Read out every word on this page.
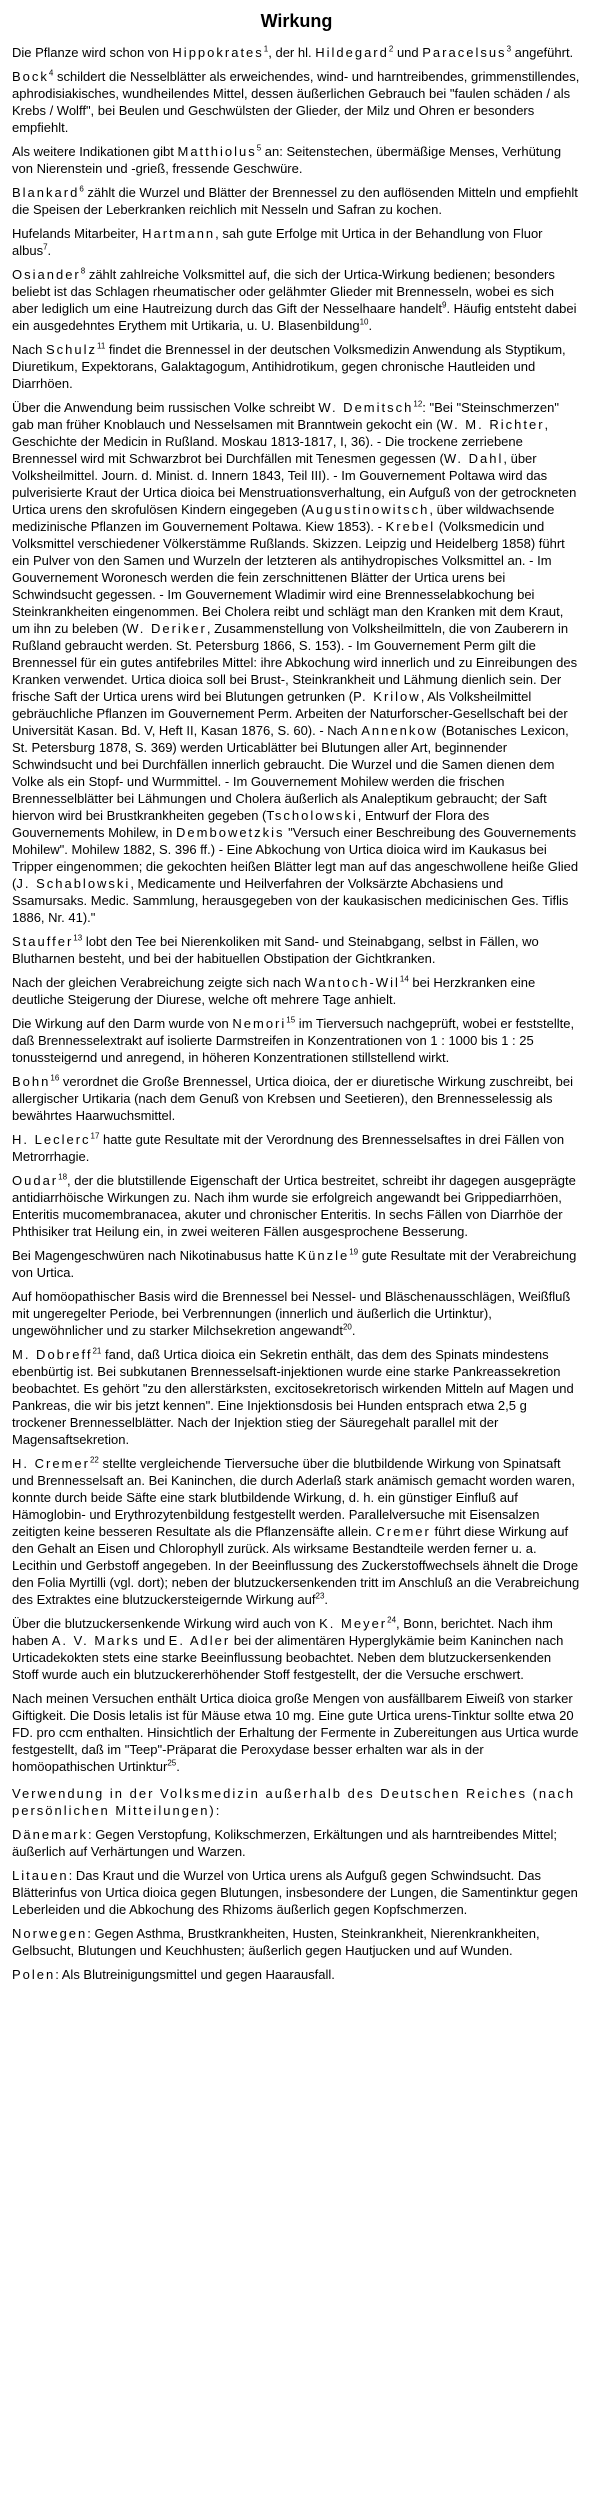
Wirkung

Die Pflanze wird schon von Hippokrates$^1$, der hl. Hildegard$^2$ und Paracelsus$^3$ angeführt.

Bock$^4$ schildert die Nesselblätter als erweichendes, wind- und harntreibendes, grimmenstillendes, aphrodisiakisches, wundheilendes Mittel, dessen äußerlichen Gebrauch bei "faulen schäden / als Krebs / Wolff", bei Beulen und Geschwülsten der Glieder, der Milz und Ohren er besonders empfiehlt.

Als weitere Indikationen gibt Matthiolus$^5$ an: Seitenstechen, übermäßige Menses, Verhütung von Nierenstein und -grieß, fressende Geschwüre.

Blankard$^6$ zählt die Wurzel und Blätter der Brennessel zu den auflösenden Mitteln und empfiehlt die Speisen der Leberkranken reichlich mit Nesseln und Safran zu kochen.

Hufelands Mitarbeiter, Hartmann, sah gute Erfolge mit Urtica in der Behandlung von Fluor albus$^7$.

Osiander$^8$ zählt zahlreiche Volksmittel auf, die sich der Urtica-Wirkung bedienen; besonders beliebt ist das Schlagen rheumatischer oder gelähmter Glieder mit Brennesseln, wobei es sich aber lediglich um eine Hautreizung durch das Gift der Nesselhaare handelt$^9$. Häufig entsteht dabei ein ausgedehntes Erythem mit Urtikaria, u. U. Blasenbildung$^{10}$.

Nach Schulz$^{11}$ findet die Brennessel in der deutschen Volksmedizin Anwendung als Styptikum, Diuretikum, Expektorans, Galaktagogum, Antihidrotikum, gegen chronische Hautleiden und Diarrhöen.

Über die Anwendung beim russischen Volke schreibt W. Demitsch$^{12}$: "Bei "Steinschmerzen" gab man früher Knoblauch und Nesselsamen mit Branntwein gekocht ein (W. M. Richter, Geschichte der Medicin in Rußland. Moskau 1813-1817, I, 36). - Die trockene zerriebene Brennessel wird mit Schwarzbrot bei Durchfällen mit Tenesmen gegessen (W. Dahl, über Volksheilmittel. Journ. d. Minist. d. Innern 1843, Teil III). - Im Gouvernement Poltawa wird das pulverisierte Kraut der Urtica dioica bei Menstruationsverhaltung, ein Aufguß von der getrockneten Urtica urens den skrofulösen Kindern eingegeben (Augustinowitsch, über wildwachsende medizinische Pflanzen im Gouvernement Poltawa. Kiew 1853). - Krebel (Volksmedicin und Volksmittel verschiedener Völkerstämme Rußlands. Skizzen. Leipzig und Heidelberg 1858) führt ein Pulver von den Samen und Wurzeln der letzteren als antihydropisches Volksmittel an. - Im Gouvernement Woronesch werden die fein zerschnittenen Blätter der Urtica urens bei Schwindsucht gegessen. - Im Gouvernement Wladimir wird eine Brennesselabkochung bei Steinkrankheiten eingenommen. Bei Cholera reibt und schlägt man den Kranken mit dem Kraut, um ihn zu beleben (W. Deriker, Zusammenstellung von Volksheilmitteln, die von Zauberern in Rußland gebraucht werden. St. Petersburg 1866, S. 153). - Im Gouvernement Perm gilt die Brennessel für ein gutes antifebriles Mittel: ihre Abkochung wird innerlich und zu Einreibungen des Kranken verwendet. Urtica dioica soll bei Brust-, Steinkrankheit und Lähmung dienlich sein. Der frische Saft der Urtica urens wird bei Blutungen getrunken (P. Krilow, Als Volksheilmittel gebräuchliche Pflanzen im Gouvernement Perm. Arbeiten der Naturforscher-Gesellschaft bei der Universität Kasan. Bd. V, Heft II, Kasan 1876, S. 60). - Nach Annenkow (Botanisches Lexicon, St. Petersburg 1878, S. 369) werden Urticablätter bei Blutungen aller Art, beginnender Schwindsucht und bei Durchfällen innerlich gebraucht. Die Wurzel und die Samen dienen dem Volke als ein Stopf- und Wurmmittel. - Im Gouvernement Mohilew werden die frischen Brennesselblätter bei Lähmungen und Cholera äußerlich als Analeptikum gebraucht; der Saft hiervon wird bei Brustkrankheiten gegeben (Tscholowski, Entwurf der Flora des Gouvernements Mohilew, in Dembowetzkis "Versuch einer Beschreibung des Gouvernements Mohilew". Mohilew 1882, S. 396 ff.) - Eine Abkochung von Urtica dioica wird im Kaukasus bei Tripper eingenommen; die gekochten heißen Blätter legt man auf das angeschwollene heiße Glied (J. Schablowski, Medicamente und Heilverfahren der Volksärzte Abchasiens und Ssamursaks. Medic. Sammlung, herausgegeben von der kaukasischen medicinischen Ges. Tiflis 1886, Nr. 41)."

Stauffer$^{13}$ lobt den Tee bei Nierenkoliken mit Sand- und Steinabgang, selbst in Fällen, wo Blutharnen besteht, und bei der habituellen Obstipation der Gichtkranken.

Nach der gleichen Verabreichung zeigte sich nach Wantoch-Wil$^{14}$ bei Herzkranken eine deutliche Steigerung der Diurese, welche oft mehrere Tage anhielt.

Die Wirkung auf den Darm wurde von Nemori$^{15}$ im Tierversuch nachgeprüft, wobei er feststellte, daß Brennesselextrakt auf isolierte Darmstreifen in Konzentrationen von 1 : 1000 bis 1 : 25 tonussteigernd und anregend, in höheren Konzentrationen stillstellend wirkt.

Bohn$^{16}$ verordnet die Große Brennessel, Urtica dioica, der er diuretische Wirkung zuschreibt, bei allergischer Urtikaria (nach dem Genuß von Krebsen und Seetieren), den Brennesselessig als bewährtes Haarwuchsmittel.

H. Leclerc$^{17}$ hatte gute Resultate mit der Verordnung des Brennesselsaftes in drei Fällen von Metrorrhagie.

Oudar$^{18}$, der die blutstillende Eigenschaft der Urtica bestreitet, schreibt ihr dagegen ausgeprägte antidiarrhöische Wirkungen zu. Nach ihm wurde sie erfolgreich angewandt bei Grippediarrhöen, Enteritis mucomembranacea, akuter und chronischer Enteritis. In sechs Fällen von Diarrhöe der Phthisiker trat Heilung ein, in zwei weiteren Fällen ausgesprochene Besserung.

Bei Magengeschwüren nach Nikotinabusus hatte Künzle$^{19}$ gute Resultate mit der Verabreichung von Urtica.

Auf homöopathischer Basis wird die Brennessel bei Nessel- und Bläschenausschlägen, Weißfluß mit ungeregelter Periode, bei Verbrennungen (innerlich und äußerlich die Urtinktur), ungewöhnlicher und zu starker Milchsekretion angewandt$^{20}$.

M. Dobreff$^{21}$ fand, daß Urtica dioica ein Sekretin enthält, das dem des Spinats mindestens ebenbürtig ist. Bei subkutanen Brennesselsaft-injektionen wurde eine starke Pankreassekretion beobachtet. Es gehört "zu den allerstärksten, excitosekretorisch wirkenden Mitteln auf Magen und Pankreas, die wir bis jetzt kennen". Eine Injektionsdosis bei Hunden entsprach etwa 2,5 g trockener Brennesselblätter. Nach der Injektion stieg der Säuregehalt parallel mit der Magensaftsekretion.

H. Cremer$^{22}$ stellte vergleichende Tierversuche über die blutbildende Wirkung von Spinatsaft und Brennesselsaft an. Bei Kaninchen, die durch Aderlaß stark anämisch gemacht worden waren, konnte durch beide Säfte eine stark blutbildende Wirkung, d. h. ein günstiger Einfluß auf Hämoglobin- und Erythrozytenbildung festgestellt werden. Parallelversuche mit Eisensalzen zeitigten keine besseren Resultate als die Pflanzensäfte allein. Cremer führt diese Wirkung auf den Gehalt an Eisen und Chlorophyll zurück. Als wirksame Bestandteile werden ferner u. a. Lecithin und Gerbstoff angegeben. In der Beeinflussung des Zuckerstoffwechsels ähnelt die Droge den Folia Myrtilli (vgl. dort); neben der blutzuckersenkenden tritt im Anschluß an die Verabreichung des Extraktes eine blutzuckersteigernde Wirkung auf$^{23}$.

Über die blutzuckersenkende Wirkung wird auch von K. Meyer$^{24}$, Bonn, berichtet. Nach ihm haben A. V. Marks und E. Adler bei der alimentären Hyperglykämie beim Kaninchen nach Urticadekokten stets eine starke Beeinflussung beobachtet. Neben dem blutzuckersenkenden Stoff wurde auch ein blutzuckererhöhender Stoff festgestellt, der die Versuche erschwert.

Nach meinen Versuchen enthält Urtica dioica große Mengen von ausfällbarem Eiweiß von starker Giftigkeit. Die Dosis letalis ist für Mäuse etwa 10 mg. Eine gute Urtica urens-Tinktur sollte etwa 20 FD. pro ccm enthalten. Hinsichtlich der Erhaltung der Fermente in Zubereitungen aus Urtica wurde festgestellt, daß im "Teep"-Präparat die Peroxydase besser erhalten war als in der homöopathischen Urtinktur$^{25}$.

Verwendung in der Volksmedizin außerhalb des Deutschen Reiches (nach persönlichen Mitteilungen):

Dänemark: Gegen Verstopfung, Kolikschmerzen, Erkältungen und als harntreibendes Mittel; äußerlich auf Verhärtungen und Warzen.

Litauen: Das Kraut und die Wurzel von Urtica urens als Aufguß gegen Schwindsucht. Das Blätterinfus von Urtica dioica gegen Blutungen, insbesondere der Lungen, die Samentinktur gegen Leberleiden und die Abkochung des Rhizoms äußerlich gegen Kopfschmerzen.

Norwegen: Gegen Asthma, Brustkrankheiten, Husten, Steinkrankheit, Nierenkrankheiten, Gelbsucht, Blutungen und Keuchhusten; äußerlich gegen Hautjucken und auf Wunden.

Polen: Als Blutreinigungsmittel und gegen Haarausfall.
